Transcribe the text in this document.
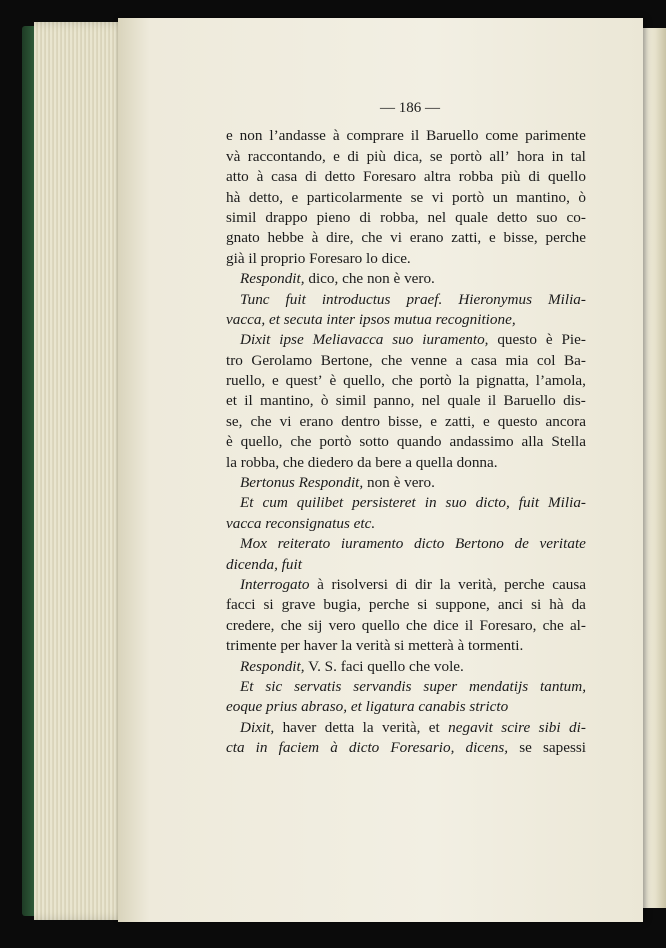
— 186 —
e non l’andasse à comprare il Baruello come parimente
và raccontando, e di più dica, se portò all’ hora in tal
atto à casa di detto Foresaro altra robba più di quello
hà detto, e particolarmente se vi portò un mantino, ò
simil drappo pieno di robba, nel quale detto suo co-
gnato hebbe à dire, che vi erano zatti, e bisse, perche
già il proprio Foresaro lo dice.
Respondit, dico, che non è vero.
Tunc fuit introductus praef. Hieronymus Milia-
vacca, et secuta inter ipsos mutua recognitione,
Dixit ipse Meliavacca suo iuramento, questo è Pie-
tro Gerolamo Bertone, che venne a casa mia col Ba-
ruello, e quest’ è quello, che portò la pignatta, l’amola,
et il mantino, ò simil panno, nel quale il Baruello dis-
se, che vi erano dentro bisse, e zatti, e questo ancora
è quello, che portò sotto quando andassimo alla Stella
la robba, che diedero da bere a quella donna.
Bertonus Respondit, non è vero.
Et cum quilibet persisteret in suo dicto, fuit Milia-
vacca reconsignatus etc.
Mox reiterato iuramento dicto Bertono de veritate
dicenda, fuit
Interrogato à risolversi di dir la verità, perche causa
facci si grave bugia, perche si suppone, anci si hà da
credere, che sij vero quello che dice il Foresaro, che al-
trimente per haver la verità si metterà à tormenti.
Respondit, V. S. faci quello che vole.
Et sic servatis servandis super mendatijs tantum,
eoque prius abraso, et ligatura canabis stricto
Dixit, haver detta la verità, et negavit scire sibi di-
cta in faciem à dicto Foresario, dicens, se sapessi
